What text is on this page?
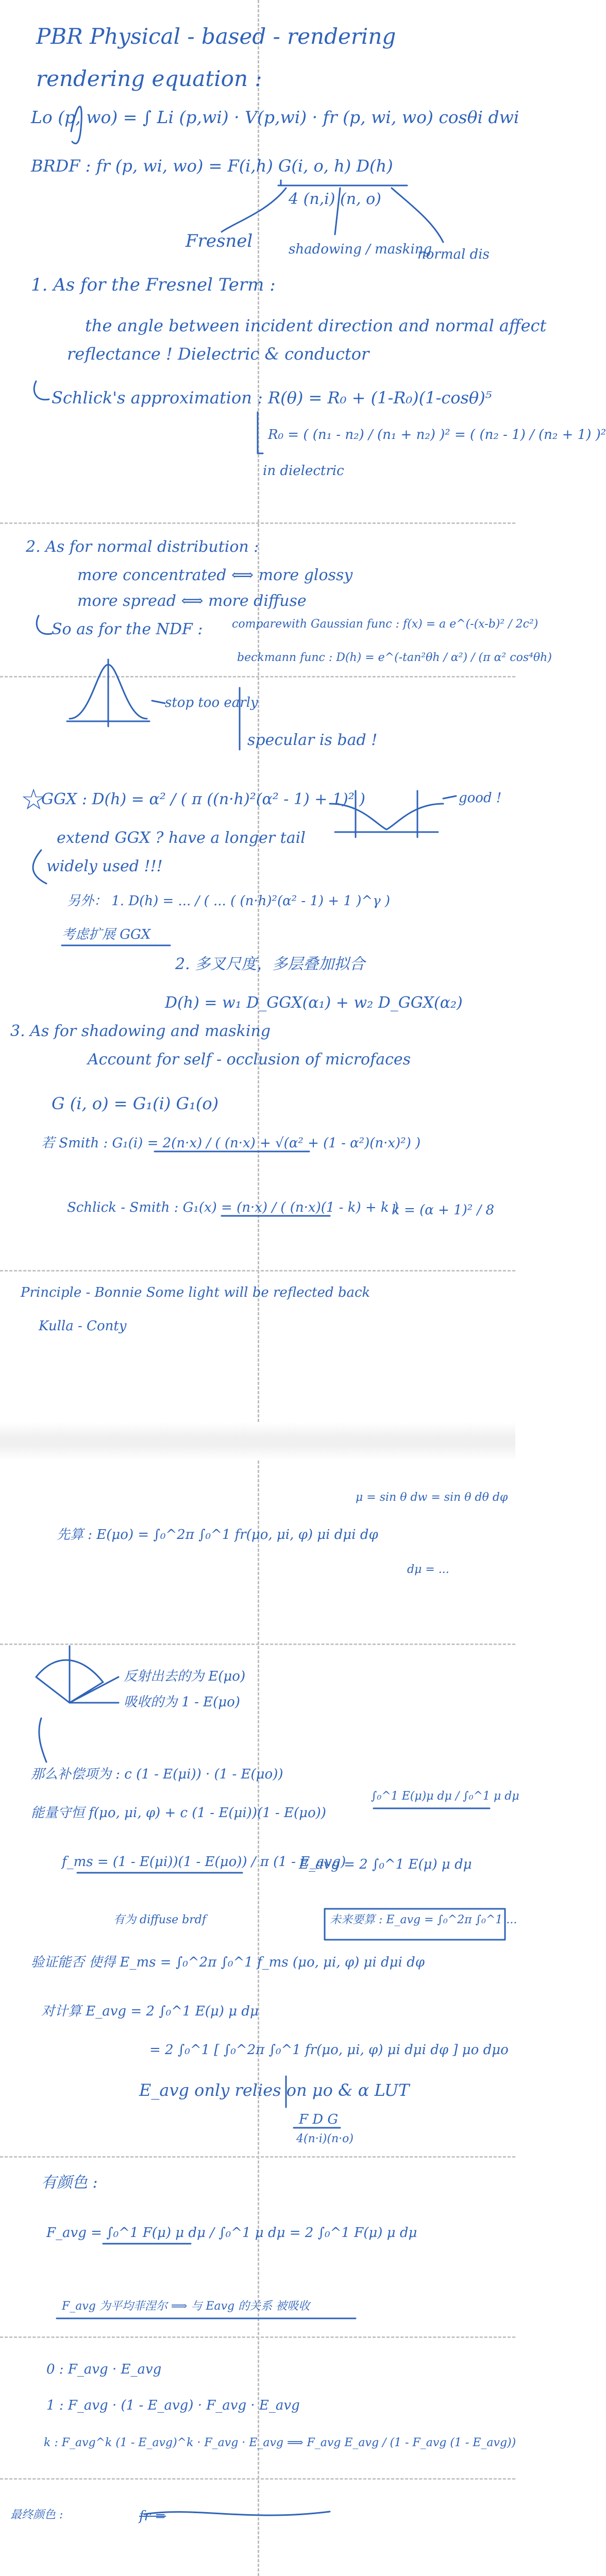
PBR Physical - based - rendering
rendering equation :
Lo (p, wo) = ∫ Li (p,wi) · V(p,wi) · fr (p, wi, wo) cosθi dwi
BRDF : fr (p, wi, wo) = F(i,h) G(i, o, h) D(h)
4 (n,i) (n, o)
Fresnel	shadowing / masking
normal dis
1. As for the Fresnel Term :
the angle between incident direction and normal affect
reflectance ! Dielectric & conductor
Schlick's approximation : R(θ) = R₀ + (1-R₀)(1-cosθ)⁵
R₀ = ( (n₁ - n₂) / (n₁ + n₂) )² = ( (n₂ - 1) / (n₂ + 1) )²
in dielectric
2. As for normal distribution :
more concentrated ⟺ more glossy
more spread ⟺ more diffuse
So as for the NDF :	comparewith Gaussian func : f(x) = a e^(-(x-b)² / 2c²)
beckmann func : D(h) = e^(-tan²θh / α²) / (π α² cos⁴θh)
stop too early
specular is bad !
GGX : D(h) = α² / ( π ((n·h)²(α² - 1) + 1)² )	good !
extend GGX ? have a longer tail
widely used !!!
另外： 1. D(h) = ... / ( ... ( (n·h)²(α² - 1) + 1 )^γ )
考虑扩展 GGX
2. 多叉尺度，多层叠加拟合
D(h) = w₁ D_GGX(α₁) + w₂ D_GGX(α₂)
3. As for shadowing and masking
Account for self - occlusion of microfaces
G (i, o) = G₁(i) G₁(o)
若 Smith : G₁(i) = 2(n·x) / ( (n·x) + √(α² + (1 - α²)(n·x)²) )
Schlick - Smith : G₁(x) = (n·x) / ( (n·x)(1 - k) + k )
k = (α + 1)² / 8
Principle - Bonnie Some light will be reflected back
Kulla - Conty
☆
先算 : E(μo) = ∫₀^2π ∫₀^1 fr(μo, μi, φ) μi dμi dφ
μ = sin θ dw = sin θ dθ dφ
dμ = ...
反射出去的为 E(μo)
吸收的为 1 - E(μo)
那么补偿项为 : c (1 - E(μi)) · (1 - E(μo))
能量守恒 f(μo, μi, φ) + c (1 - E(μi))(1 - E(μo))
f_ms = (1 - E(μi))(1 - E(μo)) / π (1 - E_avg)
E_avg = 2 ∫₀^1 E(μ) μ dμ
有为 diffuse brdf
∫₀^1 E(μ)μ dμ / ∫₀^1 μ dμ
未来要算 : E_avg = ∫₀^2π ∫₀^1 ...
验证能否 使得 E_ms = ∫₀^2π ∫₀^1 f_ms (μo, μi, φ) μi dμi dφ
对计算 E_avg = 2 ∫₀^1 E(μ) μ dμ
= 2 ∫₀^1 [ ∫₀^2π ∫₀^1 fr(μo, μi, φ) μi dμi dφ ] μo dμo
E_avg only relies on μo & α LUT
F D G
4(n·i)(n·o)
有颜色 :
F_avg = ∫₀^1 F(μ) μ dμ / ∫₀^1 μ dμ = 2 ∫₀^1 F(μ) μ dμ
F_avg 为平均菲涅尔 ⟹ 与 Eavg 的关系 被吸收
0 : F_avg · E_avg
1 : F_avg · (1 - E_avg) · F_avg · E_avg
k : F_avg^k (1 - E_avg)^k · F_avg · E_avg ⟹ F_avg E_avg / (1 - F_avg (1 - E_avg))
最终颜色 :	fr =
